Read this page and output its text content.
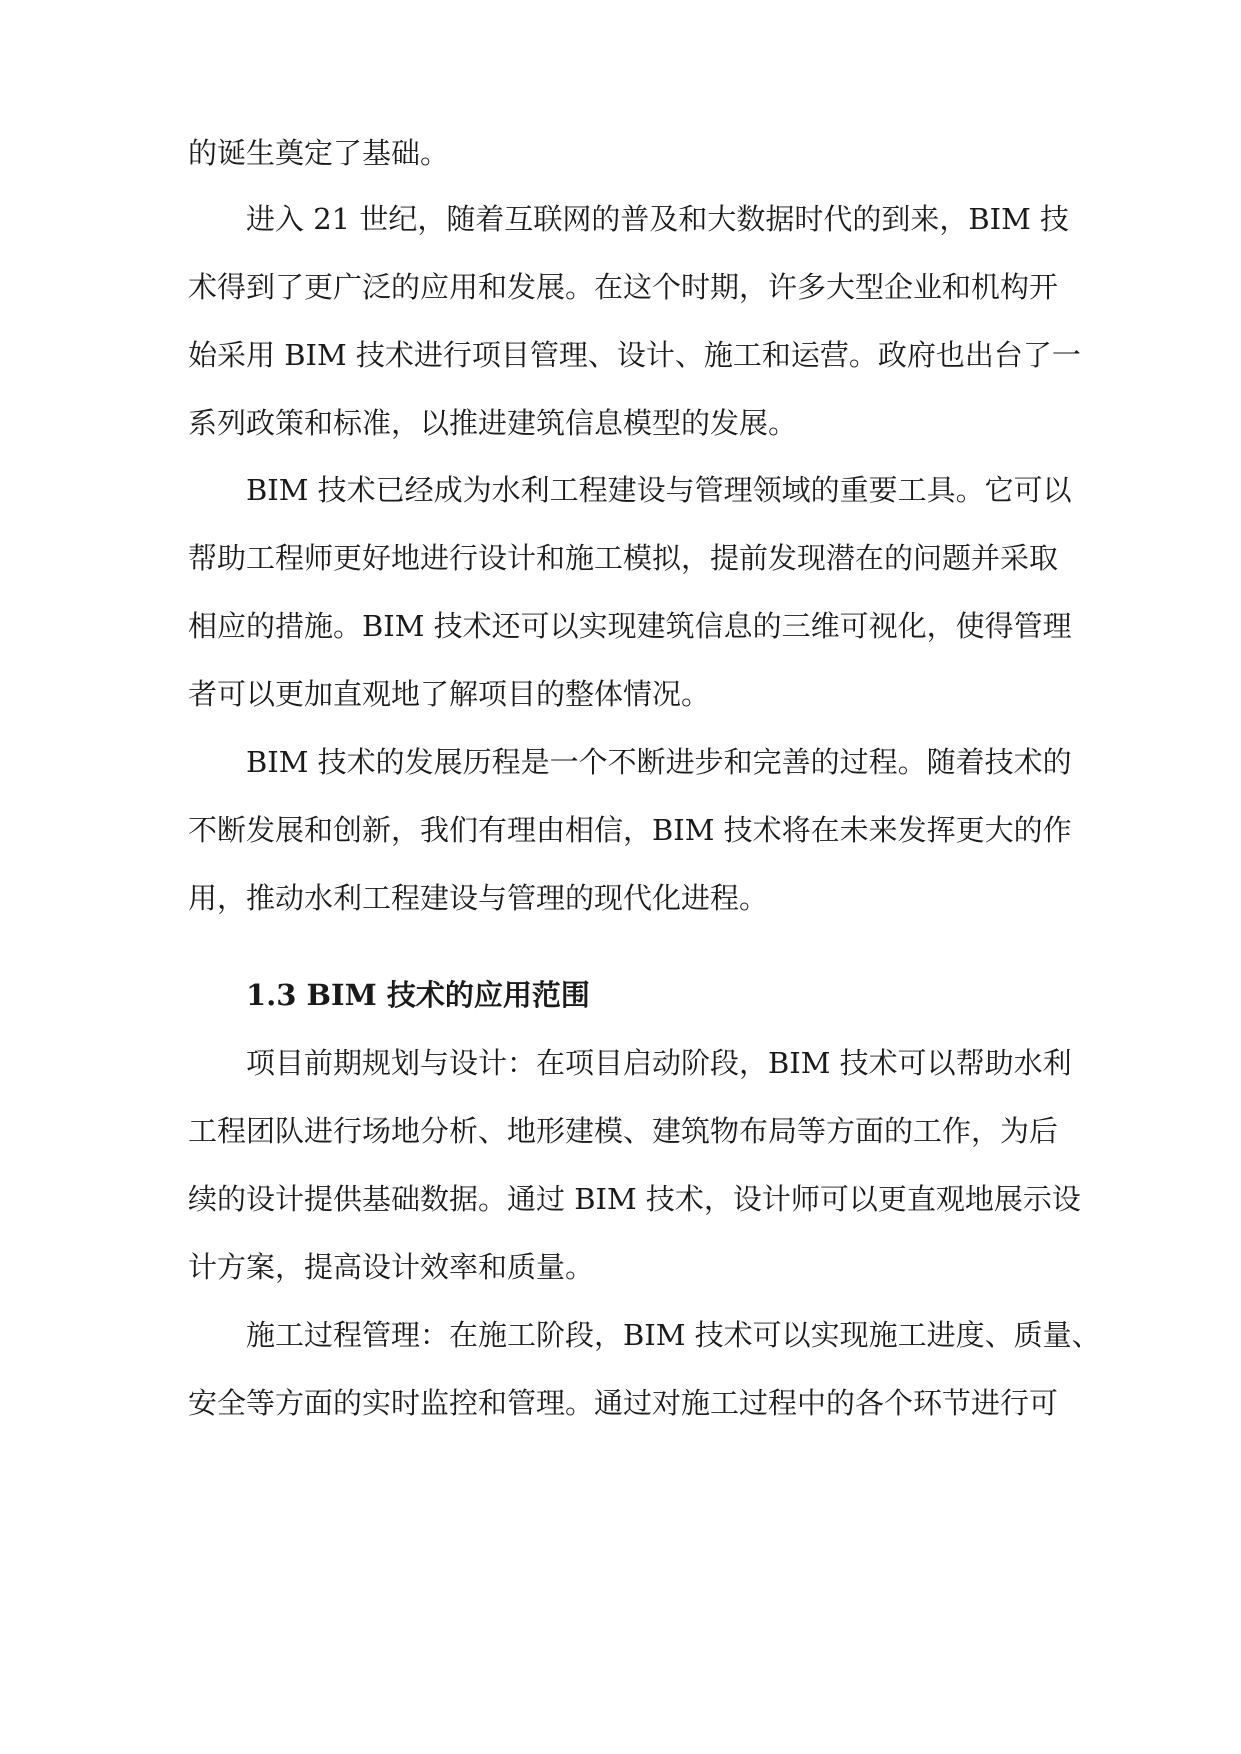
的诞生奠定了基础。
进入 21 世纪，随着互联网的普及和大数据时代的到来，BIM 技
术得到了更广泛的应用和发展。在这个时期，许多大型企业和机构开
始采用 BIM 技术进行项目管理、设计、施工和运营。政府也出台了一
系列政策和标准，以推进建筑信息模型的发展。
BIM 技术已经成为水利工程建设与管理领域的重要工具。它可以
帮助工程师更好地进行设计和施工模拟，提前发现潜在的问题并采取
相应的措施。BIM 技术还可以实现建筑信息的三维可视化，使得管理
者可以更加直观地了解项目的整体情况。
BIM 技术的发展历程是一个不断进步和完善的过程。随着技术的
不断发展和创新，我们有理由相信，BIM 技术将在未来发挥更大的作
用，推动水利工程建设与管理的现代化进程。
1.3 BIM 技术的应用范围
项目前期规划与设计：在项目启动阶段，BIM 技术可以帮助水利
工程团队进行场地分析、地形建模、建筑物布局等方面的工作，为后
续的设计提供基础数据。通过 BIM 技术，设计师可以更直观地展示设
计方案，提高设计效率和质量。
施工过程管理：在施工阶段，BIM 技术可以实现施工进度、质量、
安全等方面的实时监控和管理。通过对施工过程中的各个环节进行可
